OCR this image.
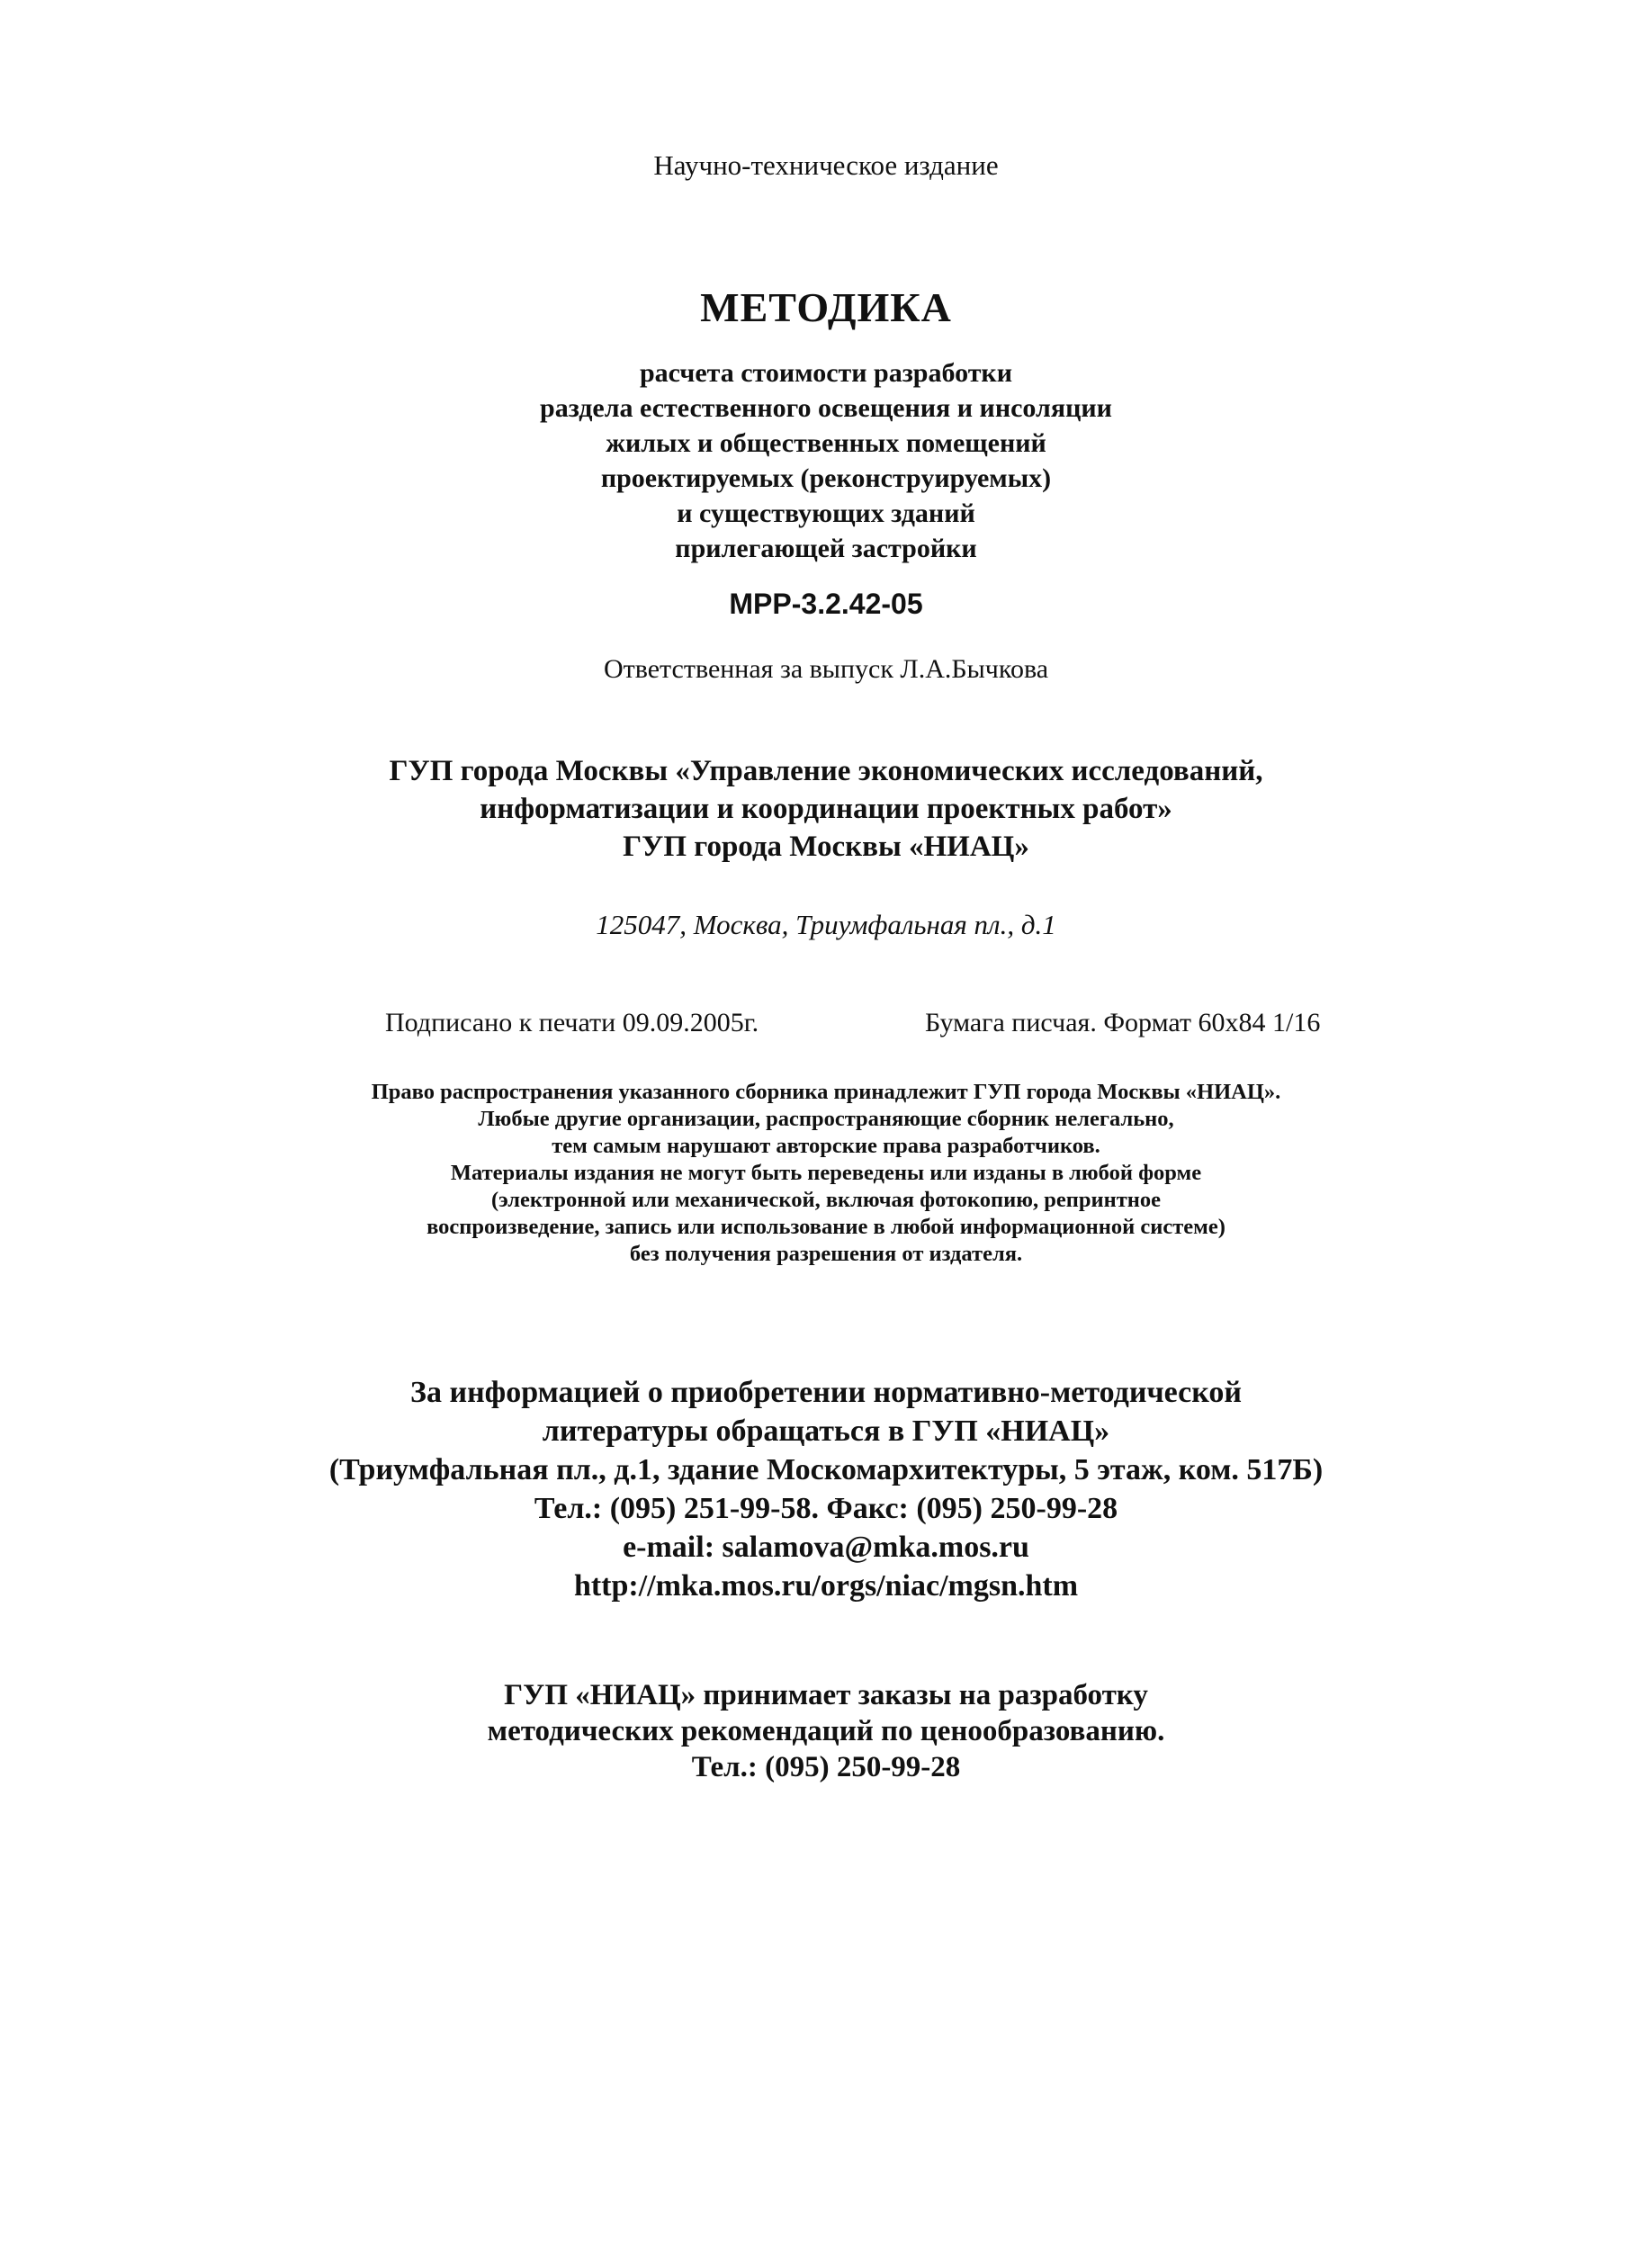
Научно-техническое издание
МЕТОДИКА
расчета стоимости разработки
раздела естественного освещения и инсоляции
жилых и общественных помещений
проектируемых (реконструируемых)
и существующих зданий
прилегающей застройки
МРР-3.2.42-05
Ответственная за выпуск Л.А.Бычкова
ГУП города Москвы «Управление экономических исследований,
информатизации и координации проектных работ»
ГУП города Москвы «НИАЦ»
125047, Москва, Триумфальная пл., д.1
Подписано к печати 09.09.2005г.	Бумага писчая. Формат 60x84 1/16
Право распространения указанного сборника принадлежит ГУП города Москвы «НИАЦ».
Любые другие организации, распространяющие сборник нелегально,
тем самым нарушают авторские права разработчиков.
Материалы издания не могут быть переведены или изданы в любой форме
(электронной или механической, включая фотокопию, репринтное
воспроизведение, запись или использование в любой информационной системе)
без получения разрешения от издателя.
За информацией о приобретении нормативно-методической
литературы обращаться в ГУП «НИАЦ»
(Триумфальная пл., д.1, здание Москомархитектуры, 5 этаж, ком. 517Б)
Тел.: (095) 251-99-58. Факс: (095) 250-99-28
e-mail: salamova@mka.mos.ru
http://mka.mos.ru/orgs/niac/mgsn.htm
ГУП «НИАЦ» принимает заказы на разработку
методических рекомендаций по ценообразованию.
Тел.: (095) 250-99-28
